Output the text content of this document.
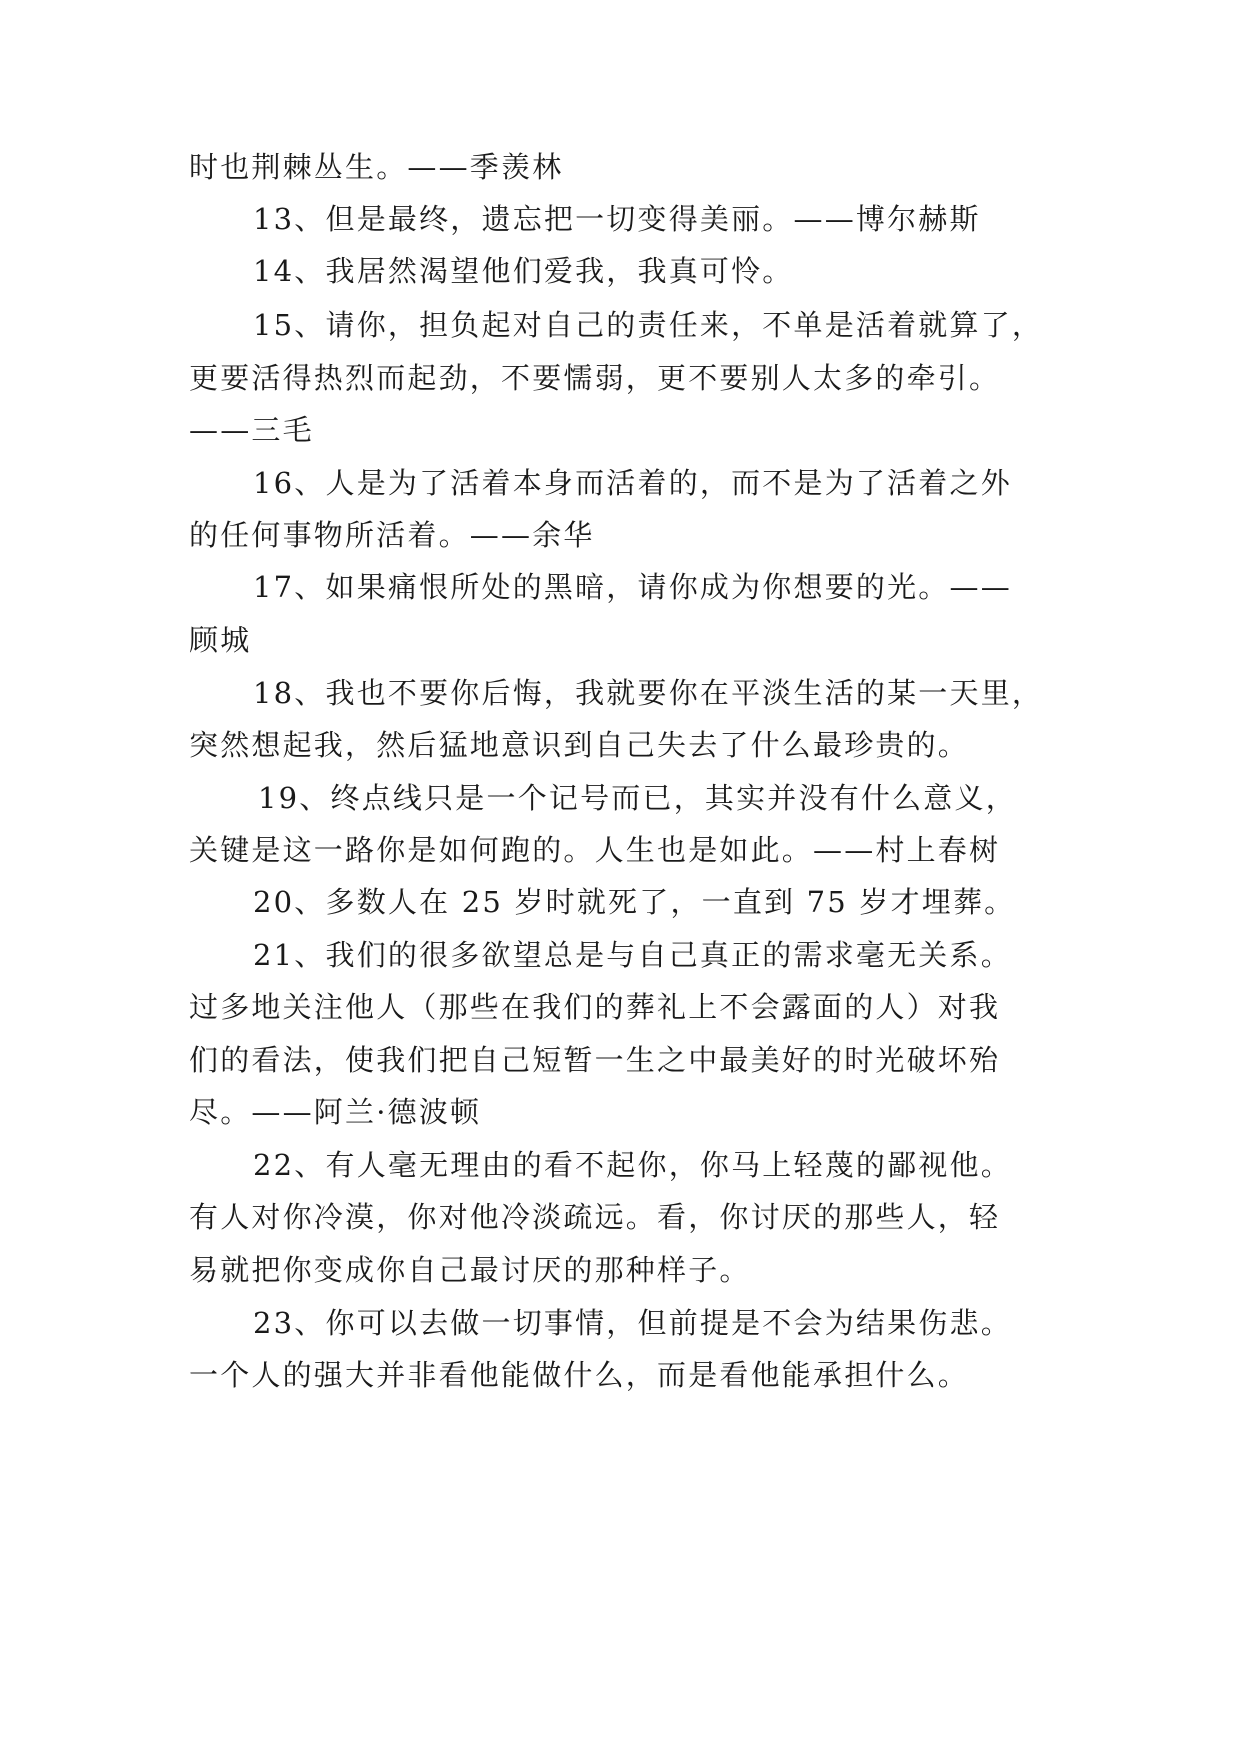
时也荆棘丛生。——季羡林
13、但是最终，遗忘把一切变得美丽。——博尔赫斯
14、我居然渴望他们爱我，我真可怜。
15、请你，担负起对自己的责任来，不单是活着就算了，
更要活得热烈而起劲，不要懦弱，更不要别人太多的牵引。
——三毛
16、人是为了活着本身而活着的，而不是为了活着之外
的任何事物所活着。——余华
17、如果痛恨所处的黑暗，请你成为你想要的光。——
顾城
18、我也不要你后悔，我就要你在平淡生活的某一天里，
突然想起我，然后猛地意识到自己失去了什么最珍贵的。
19、终点线只是一个记号而已，其实并没有什么意义，
关键是这一路你是如何跑的。人生也是如此。——村上春树
20、多数人在 25 岁时就死了，一直到 75 岁才埋葬。
21、我们的很多欲望总是与自己真正的需求毫无关系。
过多地关注他人（那些在我们的葬礼上不会露面的人）对我
们的看法，使我们把自己短暂一生之中最美好的时光破坏殆
尽。——阿兰·德波顿
22、有人毫无理由的看不起你，你马上轻蔑的鄙视他。
有人对你冷漠，你对他冷淡疏远。看，你讨厌的那些人，轻
易就把你变成你自己最讨厌的那种样子。
23、你可以去做一切事情，但前提是不会为结果伤悲。
一个人的强大并非看他能做什么，而是看他能承担什么。
